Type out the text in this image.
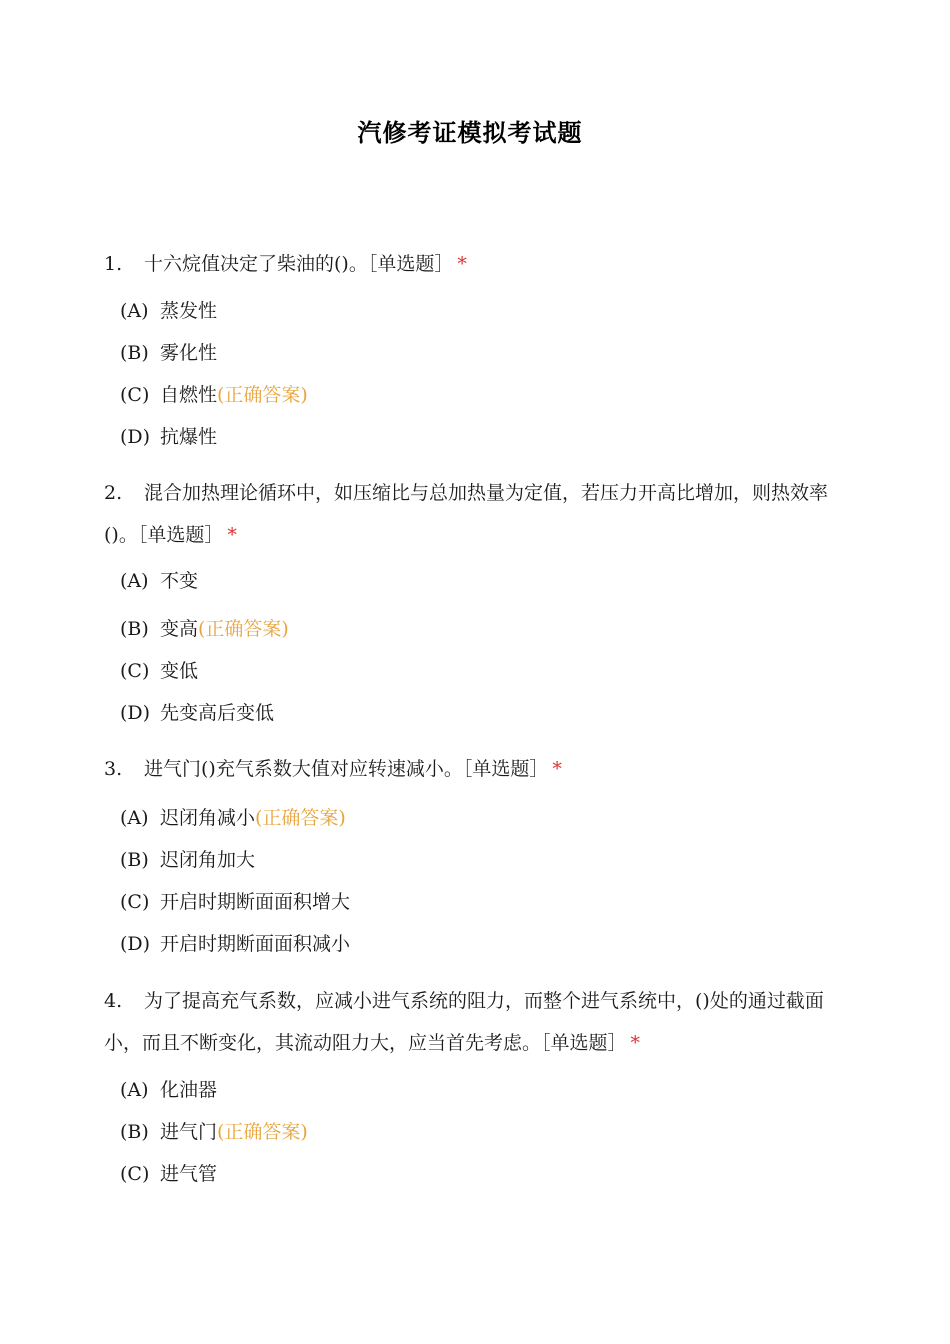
汽修考证模拟考试题
1. 十六烷值决定了柴油的()。［单选题］ *
(A) 蒸发性
(B) 雾化性
(C) 自燃性(正确答案)
(D) 抗爆性
2. 混合加热理论循环中，如压缩比与总加热量为定值，若压力开高比增加，则热效率()。［单选题］ *
(A) 不变
(B) 变高(正确答案)
(C) 变低
(D) 先变高后变低
3. 进气门()充气系数大值对应转速减小。［单选题］ *
(A) 迟闭角减小(正确答案)
(B) 迟闭角加大
(C) 开启时期断面面积增大
(D) 开启时期断面面积减小
4. 为了提高充气系数，应减小进气系统的阻力，而整个进气系统中，()处的通过截面小，而且不断变化，其流动阻力大，应当首先考虑。［单选题］ *
(A) 化油器
(B) 进气门(正确答案)
(C) 进气管
